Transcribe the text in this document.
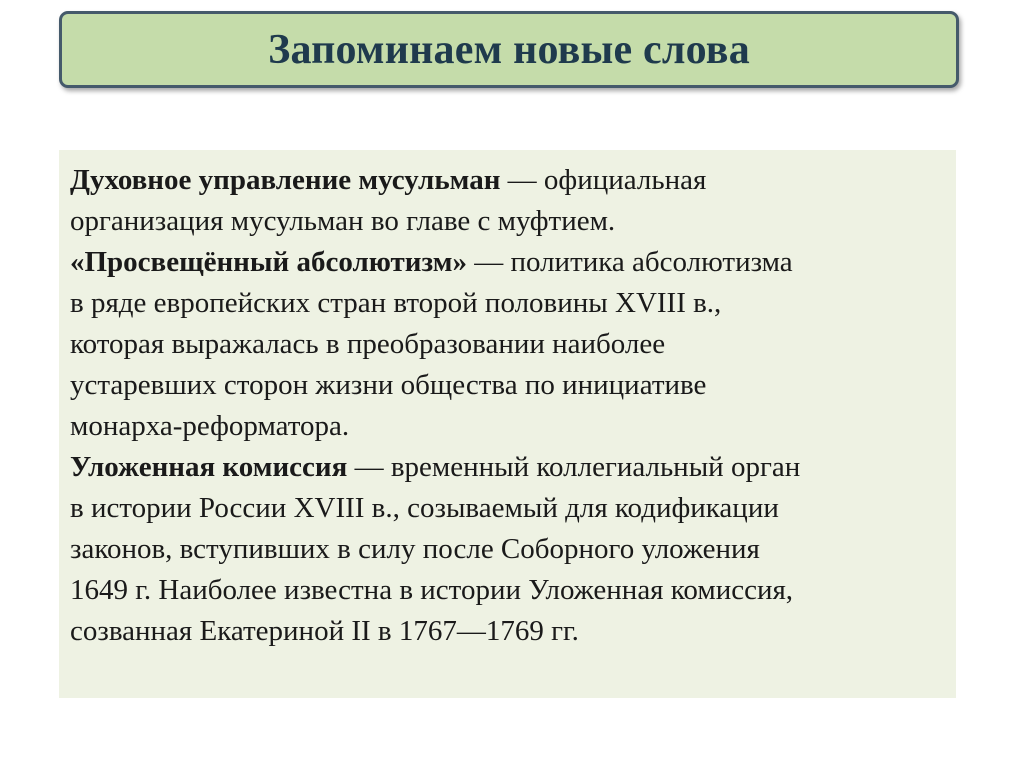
Запоминаем новые слова
Духовное управление мусульман — официальная
организация мусульман во главе с муфтием.
«Просвещённый абсолютизм» — политика абсолютизма
в ряде европейских стран второй половины XVIII в.,
которая выражалась в преобразовании наиболее
устаревших сторон жизни общества по инициативе
монарха-реформатора.
Уложенная комиссия — временный коллегиальный орган
в истории России XVIII в., созываемый для кодификации
законов, вступивших в силу после Соборного уложения
1649 г. Наиболее известна в истории Уложенная комиссия,
созванная Екатериной II в 1767—1769 гг.
